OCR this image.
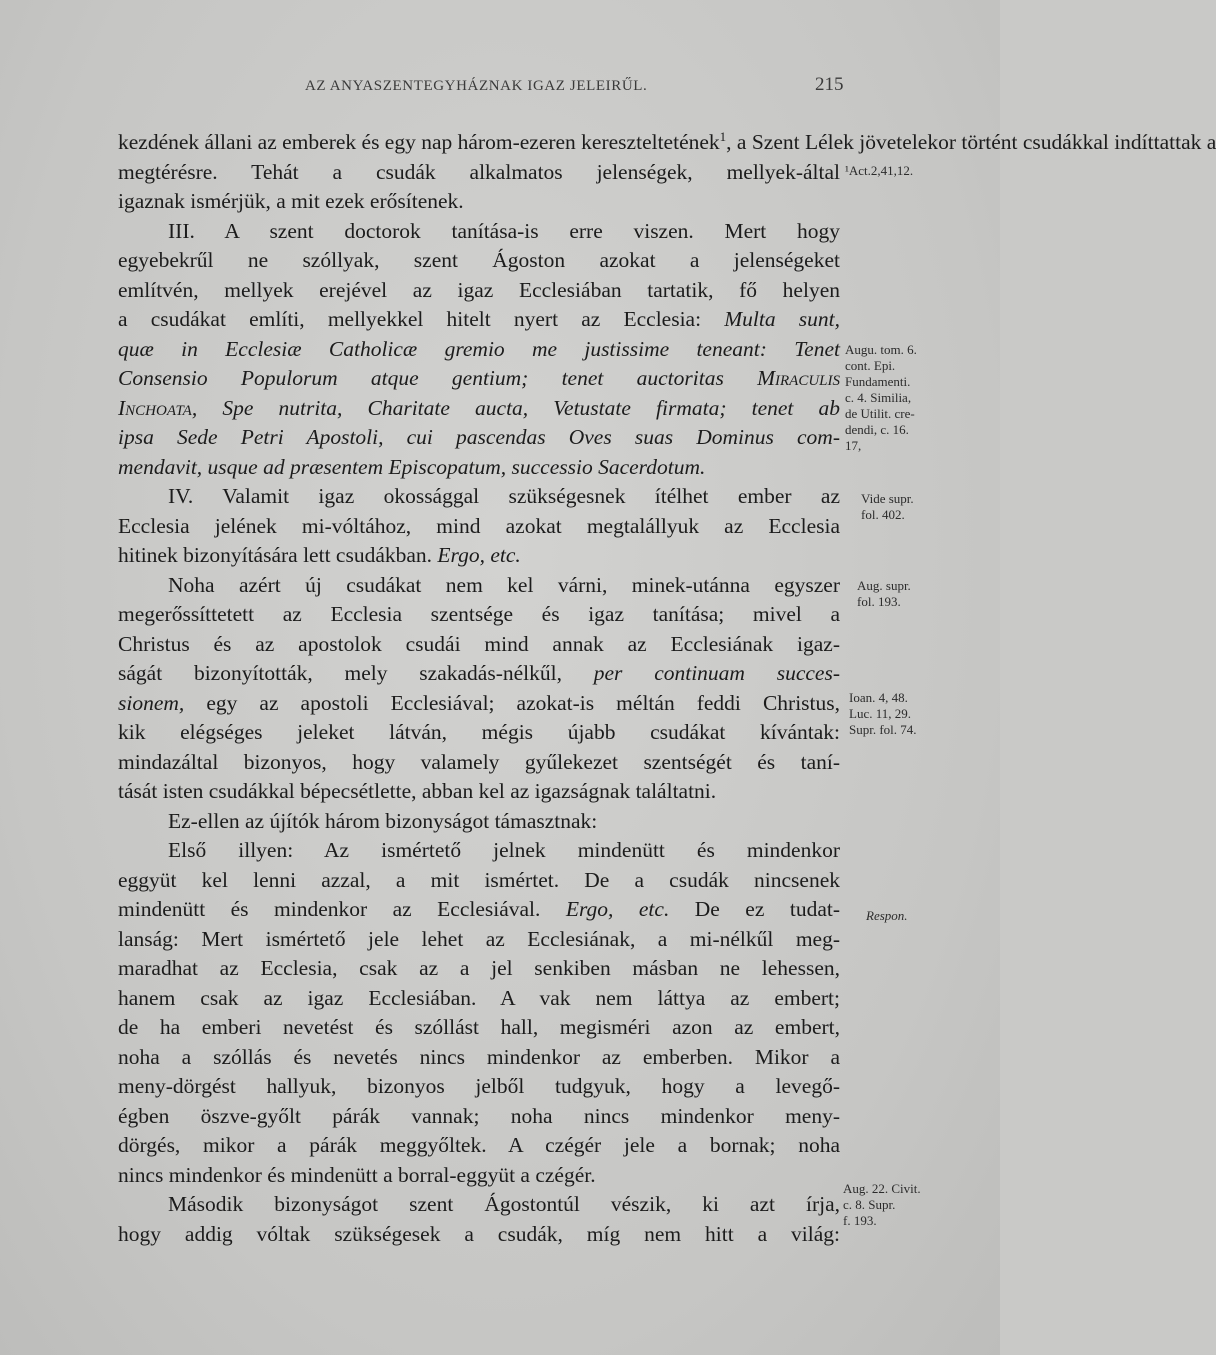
AZ ANYASZENTEGYHÁZNAK IGAZ JELEIRŰL.	215
kezdének állani az emberek és egy nap három-ezeren kereszteltetének$^1$, a Szent Lélek jövetelekor történt csudákkal indíttattak a
megtérésre. Tehát a csudák alkalmatos jelenségek, mellyek-által
igaznak ismérjük, a mit ezek erősítenek.
III. A szent doctorok tanítása-is erre viszen. Mert hogy
egyebekrűl ne szóllyak, szent Ágoston azokat a jelenségeket
említvén, mellyek erejével az igaz Ecclesiában tartatik, fő helyen
a csudákat említi, mellyekkel hitelt nyert az Ecclesia: Multa sunt,
quæ in Ecclesiæ Catholicæ gremio me justissime teneant: Tenet
Consensio Populorum atque gentium; tenet auctoritas Miraculis
Inchoata, Spe nutrita, Charitate aucta, Vetustate firmata; tenet ab
ipsa Sede Petri Apostoli, cui pascendas Oves suas Dominus com-
mendavit, usque ad præsentem Episcopatum, successio Sacerdotum.
IV. Valamit igaz okossággal szükségesnek ítélhet ember az
Ecclesia jelének mi-vóltához, mind azokat megtalállyuk az Ecclesia
hitinek bizonyítására lett csudákban. Ergo, etc.
Noha azért új csudákat nem kel várni, minek-utánna egyszer
megerőssíttetett az Ecclesia szentsége és igaz tanítása; mivel a
Christus és az apostolok csudái mind annak az Ecclesiának igaz-
ságát bizonyították, mely szakadás-nélkűl, per continuam succes-
sionem, egy az apostoli Ecclesiával; azokat-is méltán feddi Christus,
kik elégséges jeleket látván, mégis újabb csudákat kívántak:
mindazáltal bizonyos, hogy valamely gyűlekezet szentségét és taní-
tását isten csudákkal bépecsétlette, abban kel az igazságnak találtatni.
Ez-ellen az újítók három bizonyságot támasztnak:
Első illyen: Az ismértető jelnek mindenütt és mindenkor
eggyüt kel lenni azzal, a mit ismértet. De a csudák nincsenek
mindenütt és mindenkor az Ecclesiával. Ergo, etc. De ez tudat-
lanság: Mert ismértető jele lehet az Ecclesiának, a mi-nélkűl meg-
maradhat az Ecclesia, csak az a jel senkiben másban ne lehessen,
hanem csak az igaz Ecclesiában. A vak nem láttya az embert;
de ha emberi nevetést és szóllást hall, megisméri azon az embert,
noha a szóllás és nevetés nincs mindenkor az emberben. Mikor a
meny-dörgést hallyuk, bizonyos jelből tudgyuk, hogy a levegő-
égben öszve-győlt párák vannak; noha nincs mindenkor meny-
dörgés, mikor a párák meggyőltek. A czégér jele a bornak; noha
nincs mindenkor és mindenütt a borral-eggyüt a czégér.
Második bizonyságot szent Ágostontúl vészik, ki azt írja,
hogy addig vóltak szükségesek a csudák, míg nem hitt a világ:
¹Act.2,41,12.
Augu. tom. 6.
cont. Epi.
Fundamenti.
c. 4. Similia,
de Utilit. cre-
dendi, c. 16.
17,
Vide supr.
fol. 402.
Aug. supr.
fol. 193.
Ioan. 4, 48.
Luc. 11, 29.
Supr. fol. 74.
Respon.
Aug. 22. Civit.
c. 8. Supr.
f. 193.
